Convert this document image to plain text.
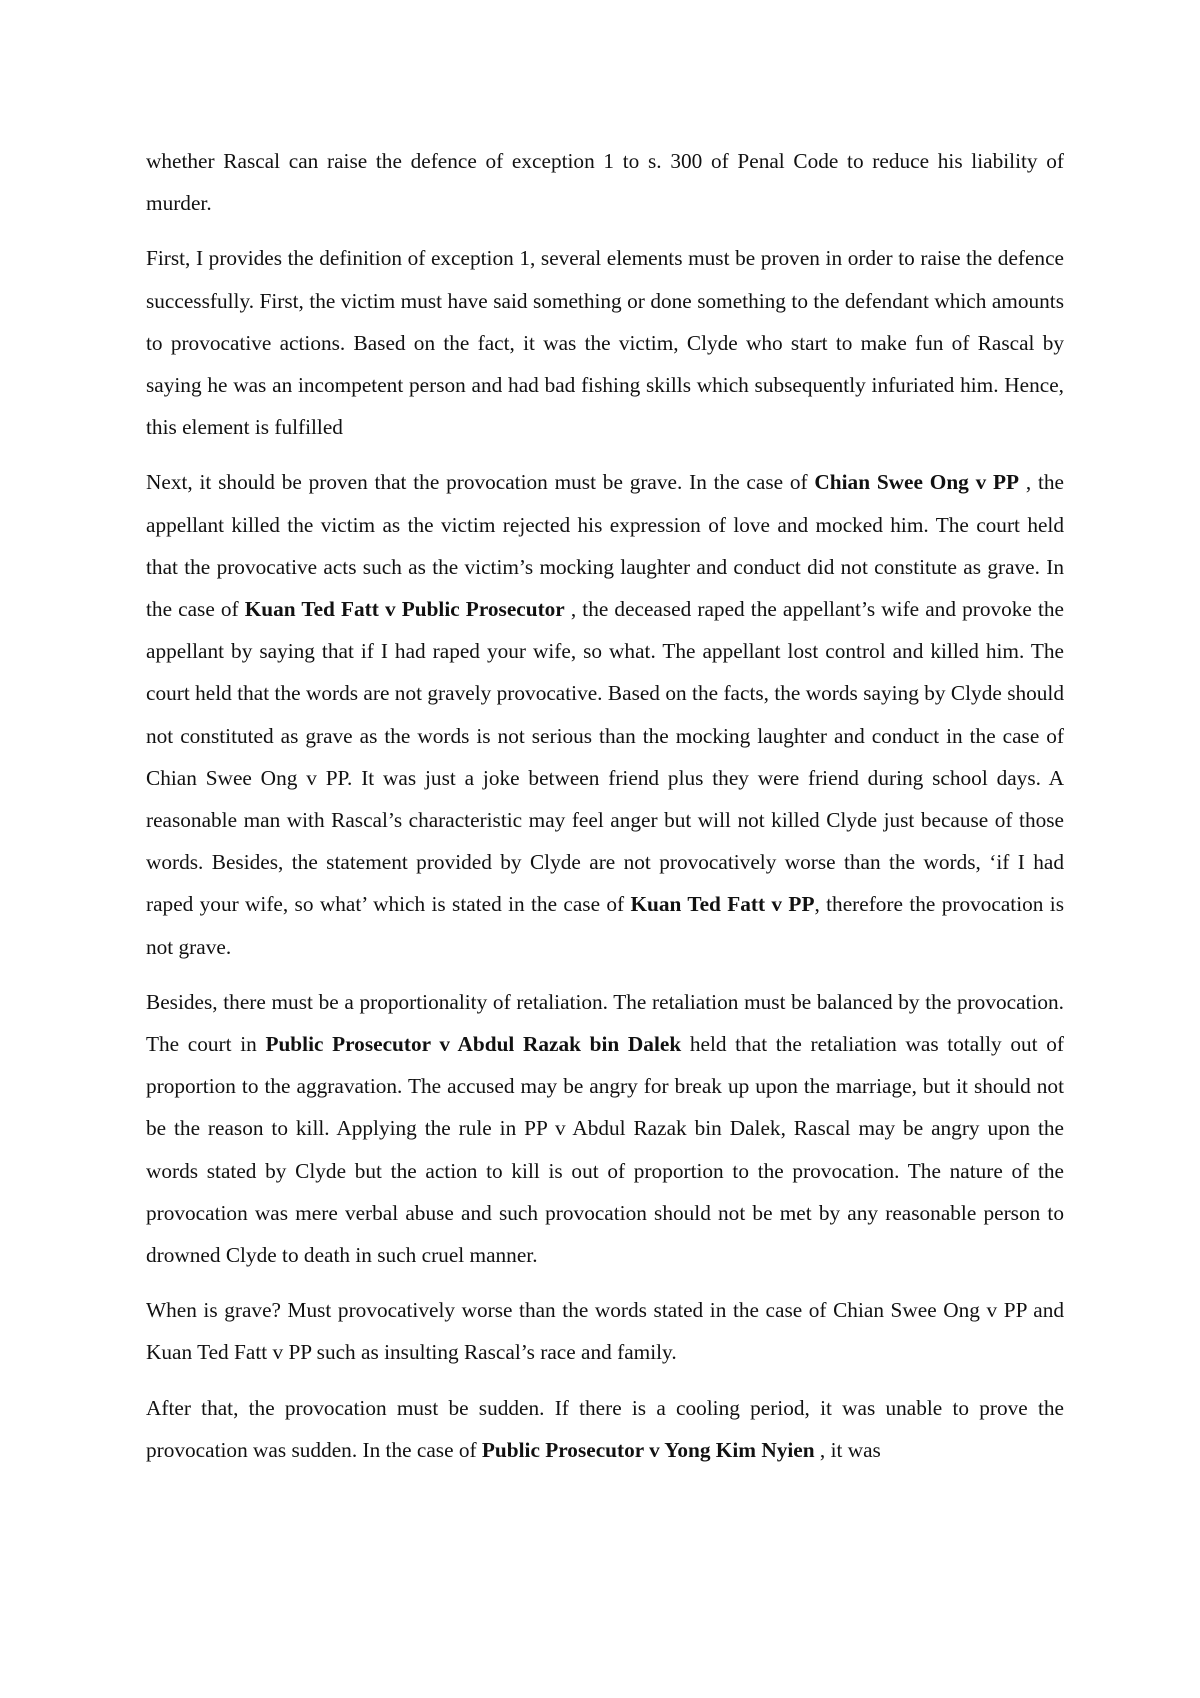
whether Rascal can raise the defence of exception 1 to s. 300 of Penal Code to reduce his liability of murder.

First, I provides the definition of exception 1, several elements must be proven in order to raise the defence successfully. First, the victim must have said something or done something to the defendant which amounts to provocative actions. Based on the fact, it was the victim, Clyde who start to make fun of Rascal by saying he was an incompetent person and had bad fishing skills which subsequently infuriated him. Hence, this element is fulfilled

Next, it should be proven that the provocation must be grave. In the case of Chian Swee Ong v PP , the appellant killed the victim as the victim rejected his expression of love and mocked him. The court held that the provocative acts such as the victim’s mocking laughter and conduct did not constitute as grave. In the case of Kuan Ted Fatt v Public Prosecutor , the deceased raped the appellant’s wife and provoke the appellant by saying that if I had raped your wife, so what. The appellant lost control and killed him. The court held that the words are not gravely provocative. Based on the facts, the words saying by Clyde should not constituted as grave as the words is not serious than the mocking laughter and conduct in the case of Chian Swee Ong v PP. It was just a joke between friend plus they were friend during school days. A reasonable man with Rascal’s characteristic may feel anger but will not killed Clyde just because of those words. Besides, the statement provided by Clyde are not provocatively worse than the words, ‘if I had raped your wife, so what’ which is stated in the case of Kuan Ted Fatt v PP, therefore the provocation is not grave.

Besides, there must be a proportionality of retaliation. The retaliation must be balanced by the provocation. The court in Public Prosecutor v Abdul Razak bin Dalek held that the retaliation was totally out of proportion to the aggravation. The accused may be angry for break up upon the marriage, but it should not be the reason to kill. Applying the rule in PP v Abdul Razak bin Dalek, Rascal may be angry upon the words stated by Clyde but the action to kill is out of proportion to the provocation. The nature of the provocation was mere verbal abuse and such provocation should not be met by any reasonable person to drowned Clyde to death in such cruel manner.

When is grave? Must provocatively worse than the words stated in the case of Chian Swee Ong v PP and Kuan Ted Fatt v PP such as insulting Rascal’s race and family.

After that, the provocation must be sudden. If there is a cooling period, it was unable to prove the provocation was sudden. In the case of Public Prosecutor v Yong Kim Nyien , it was
